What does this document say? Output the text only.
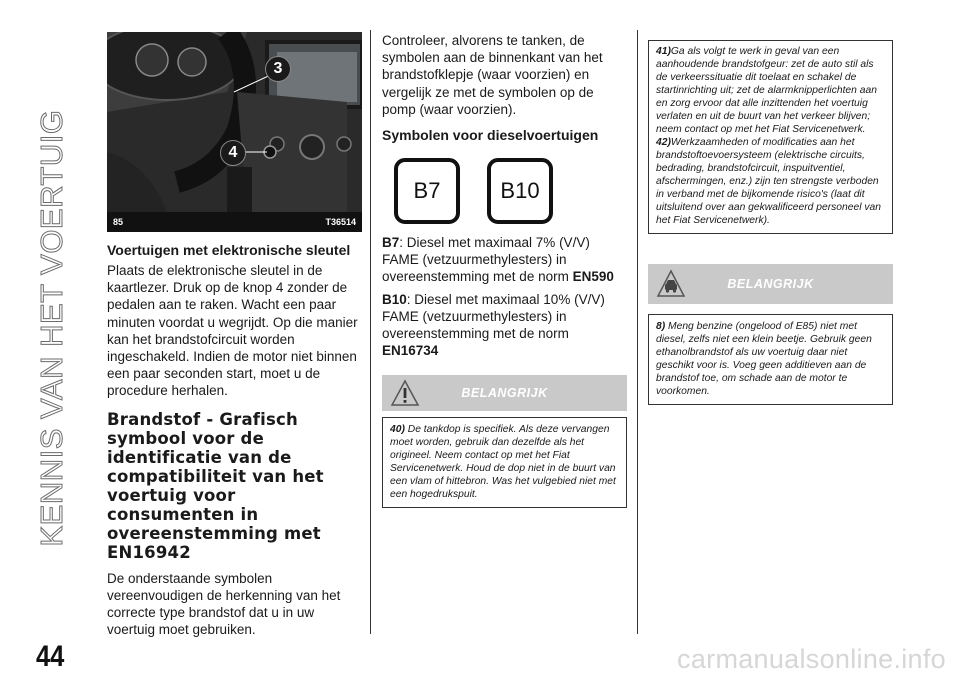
KENNIS VAN HET VOERTUIG
44	carmanualsonline.info
3
4
85	T36514
Voertuigen met elektronische sleutel

Plaats de elektronische sleutel in de kaartlezer. Druk op de knop 4 zonder de pedalen aan te raken. Wacht een paar minuten voordat u wegrijdt. Op die manier kan het brandstofcircuit worden ingeschakeld. Indien de motor niet binnen een paar seconden start, moet u de procedure herhalen.

Brandstof - Grafisch symbool voor de identificatie van de compatibiliteit van het voertuig voor consumenten in overeenstemming met EN16942

De onderstaande symbolen vereenvoudigen de herkenning van het correcte type brandstof dat u in uw voertuig moet gebruiken.

Controleer, alvorens te tanken, de symbolen aan de binnenkant van het brandstofklepje (waar voorzien) en vergelijk ze met de symbolen op de pomp (waar voorzien).

Symbolen voor dieselvoertuigen
B7	B10

B7: Diesel met maximaal 7% (V/V) FAME (vetzuurmethylesters) in overeenstemming met de norm EN590

B10: Diesel met maximaal 10% (V/V) FAME (vetzuurmethylesters) in overeenstemming met de norm EN16734

BELANGRIJK
40) De tankdop is specifiek. Als deze vervangen moet worden, gebruik dan dezelfde als het origineel. Neem contact op met het Fiat Servicenetwerk. Houd de dop niet in de buurt van een vlam of hittebron. Was het vulgebied niet met een hogedrukspuit.

41)Ga als volgt te werk in geval van een aanhoudende brandstofgeur: zet de auto stil als de verkeerssituatie dit toelaat en schakel de startinrichting uit; zet de alarmknipperlichten aan en zorg ervoor dat alle inzittenden het voertuig verlaten en uit de buurt van het verkeer blijven; neem contact op met het Fiat Servicenetwerk.

42)Werkzaamheden of modificaties aan het brandstoftoevoersysteem (elektrische circuits, bedrading, brandstofcircuit, inspuitventiel, afschermingen, enz.) zijn ten strengste verboden in verband met de bijkomende risico's (laat dit uitsluitend over aan gekwalificeerd personeel van het Fiat Servicenetwerk).

BELANGRIJK
8) Meng benzine (ongelood of E85) niet met diesel, zelfs niet een klein beetje. Gebruik geen ethanolbrandstof als uw voertuig daar niet geschikt voor is. Voeg geen additieven aan de brandstof toe, om schade aan de motor te voorkomen.
